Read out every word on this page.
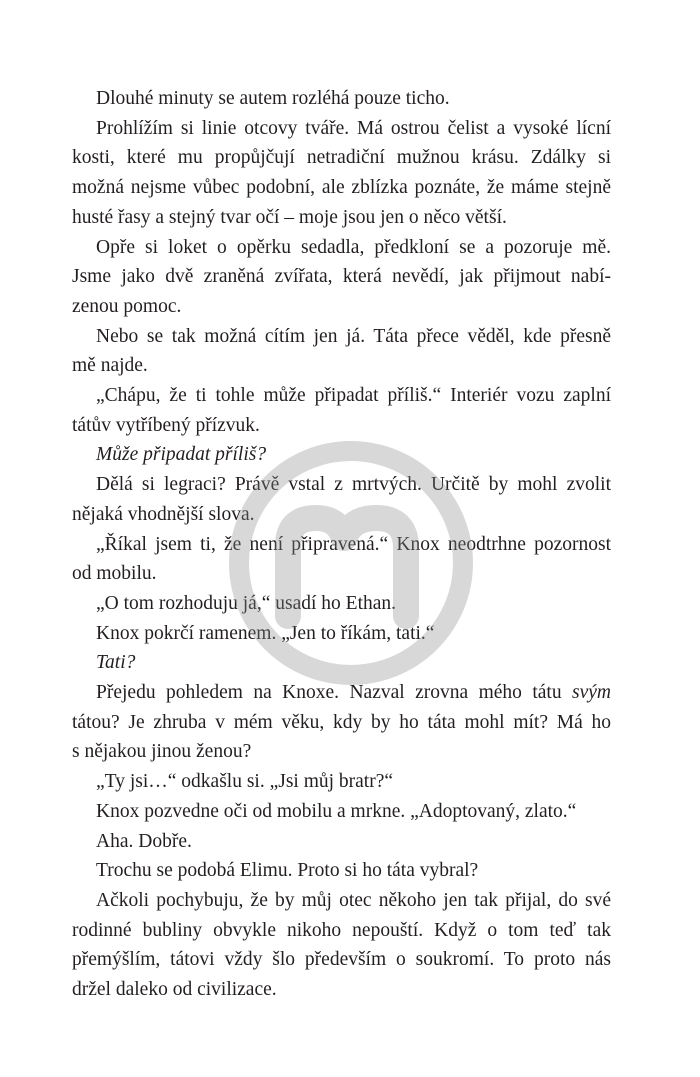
Dlouhé minuty se autem rozléhá pouze ticho.

Prohlížím si linie otcovy tváře. Má ostrou čelist a vysoké lícní
kosti, které mu propůjčují netradiční mužnou krásu. Zdálky si
možná nejsme vůbec podobní, ale zblízka poznáte, že máme stejně
husté řasy a stejný tvar očí – moje jsou jen o něco větší.

Opře si loket o opěrku sedadla, předkloní se a pozoruje mě.
Jsme jako dvě zraněná zvířata, která nevědí, jak přijmout nabí-
zenou pomoc.

Nebo se tak možná cítím jen já. Táta přece věděl, kde přesně
mě najde.

„Chápu, že ti tohle může připadat příliš.“ Interiér vozu zaplní
tátův vytříbený přízvuk.

Může připadat příliš?

Dělá si legraci? Právě vstal z mrtvých. Určitě by mohl zvolit
nějaká vhodnější slova.

„Říkal jsem ti, že není připravená.“ Knox neodtrhne pozornost
od mobilu.

„O tom rozhoduju já,“ usadí ho Ethan.

Knox pokrčí ramenem. „Jen to říkám, tati.“

Tati?

Přejedu pohledem na Knoxe. Nazval zrovna mého tátu svým
tátou? Je zhruba v mém věku, kdy by ho táta mohl mít? Má ho
s nějakou jinou ženou?

„Ty jsi…“ odkašlu si. „Jsi můj bratr?“

Knox pozvedne oči od mobilu a mrkne. „Adoptovaný, zlato.“

Aha. Dobře.

Trochu se podobá Elimu. Proto si ho táta vybral?

Ačkoli pochybuju, že by můj otec někoho jen tak přijal, do své
rodinné bubliny obvykle nikoho nepouští. Když o tom teď tak
přemýšlím, tátovi vždy šlo především o soukromí. To proto nás
držel daleko od civilizace.
